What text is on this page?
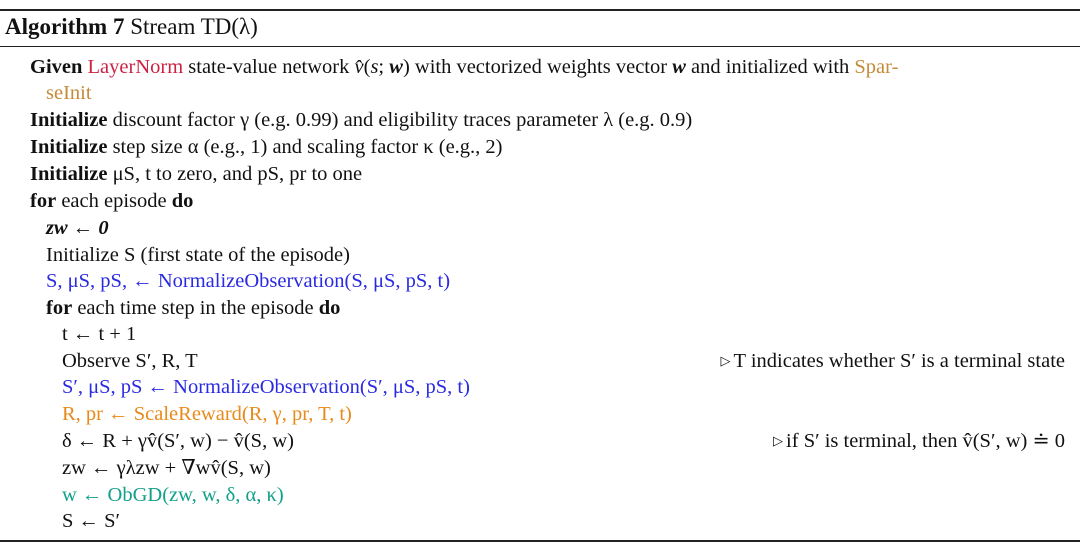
Algorithm 7 Stream TD(λ)
Given LayerNorm state-value network v̂(s; w) with vectorized weights vector w and initialized with Spar-
seInit
Initialize discount factor γ (e.g. 0.99) and eligibility traces parameter λ (e.g. 0.9)
Initialize step size α (e.g., 1) and scaling factor κ (e.g., 2)
Initialize μS, t to zero, and pS, pr to one
for each episode do
zw ← 0
Initialize S (first state of the episode)
S, μS, pS, ← NormalizeObservation(S, μS, pS, t)
for each time step in the episode do
t ← t + 1
Observe S′, R, T	▷ T indicates whether S′ is a terminal state
S′, μS, pS ← NormalizeObservation(S′, μS, pS, t)
R, pr ← ScaleReward(R, γ, pr, T, t)
δ ← R + γv̂(S′, w) − v̂(S, w)	▷ if S′ is terminal, then v̂(S′, w) ≐ 0
zw ← γλzw + ∇wv̂(S, w)
w ← ObGD(zw, w, δ, α, κ)
S ← S′
